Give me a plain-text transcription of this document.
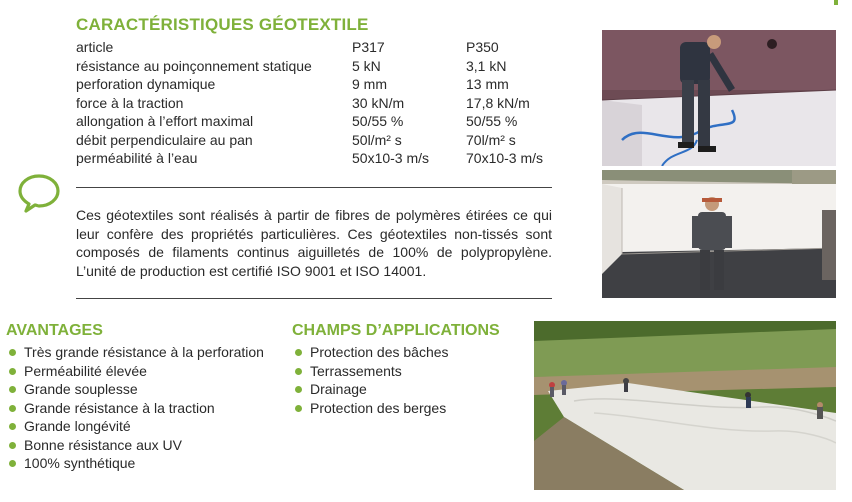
CARACTÉRISTIQUES GÉOTEXTILE
article	P317	P350
résistance au poinçonnement statique	5 kN	3,1 kN
perforation dynamique	9 mm	13 mm
force à la traction	30 kN/m	17,8 kN/m
allongation à l’effort maximal	50/55 %	50/55 %
débit perpendiculaire au pan	50l/m² s	70l/m² s
perméabilité à l’eau	50x10-3 m/s	70x10-3 m/s
Ces géotextiles sont réalisés à partir de fibres de polymères étirées ce qui leur confère des propriétés particulières. Ces géotextiles non-tissés sont composés de filaments continus aiguilletés de 100% de polypropylène. L’unité de production est certifié ISO 9001 et ISO 14001.
AVANTAGES
Très grande résistance à la perforation
Perméabilité élevée
Grande souplesse
Grande résistance à la traction
Grande longévité
Bonne résistance aux UV
100% synthétique
CHAMPS D’APPLICATIONS
Protection des bâches
Terrassements
Drainage
Protection des berges
